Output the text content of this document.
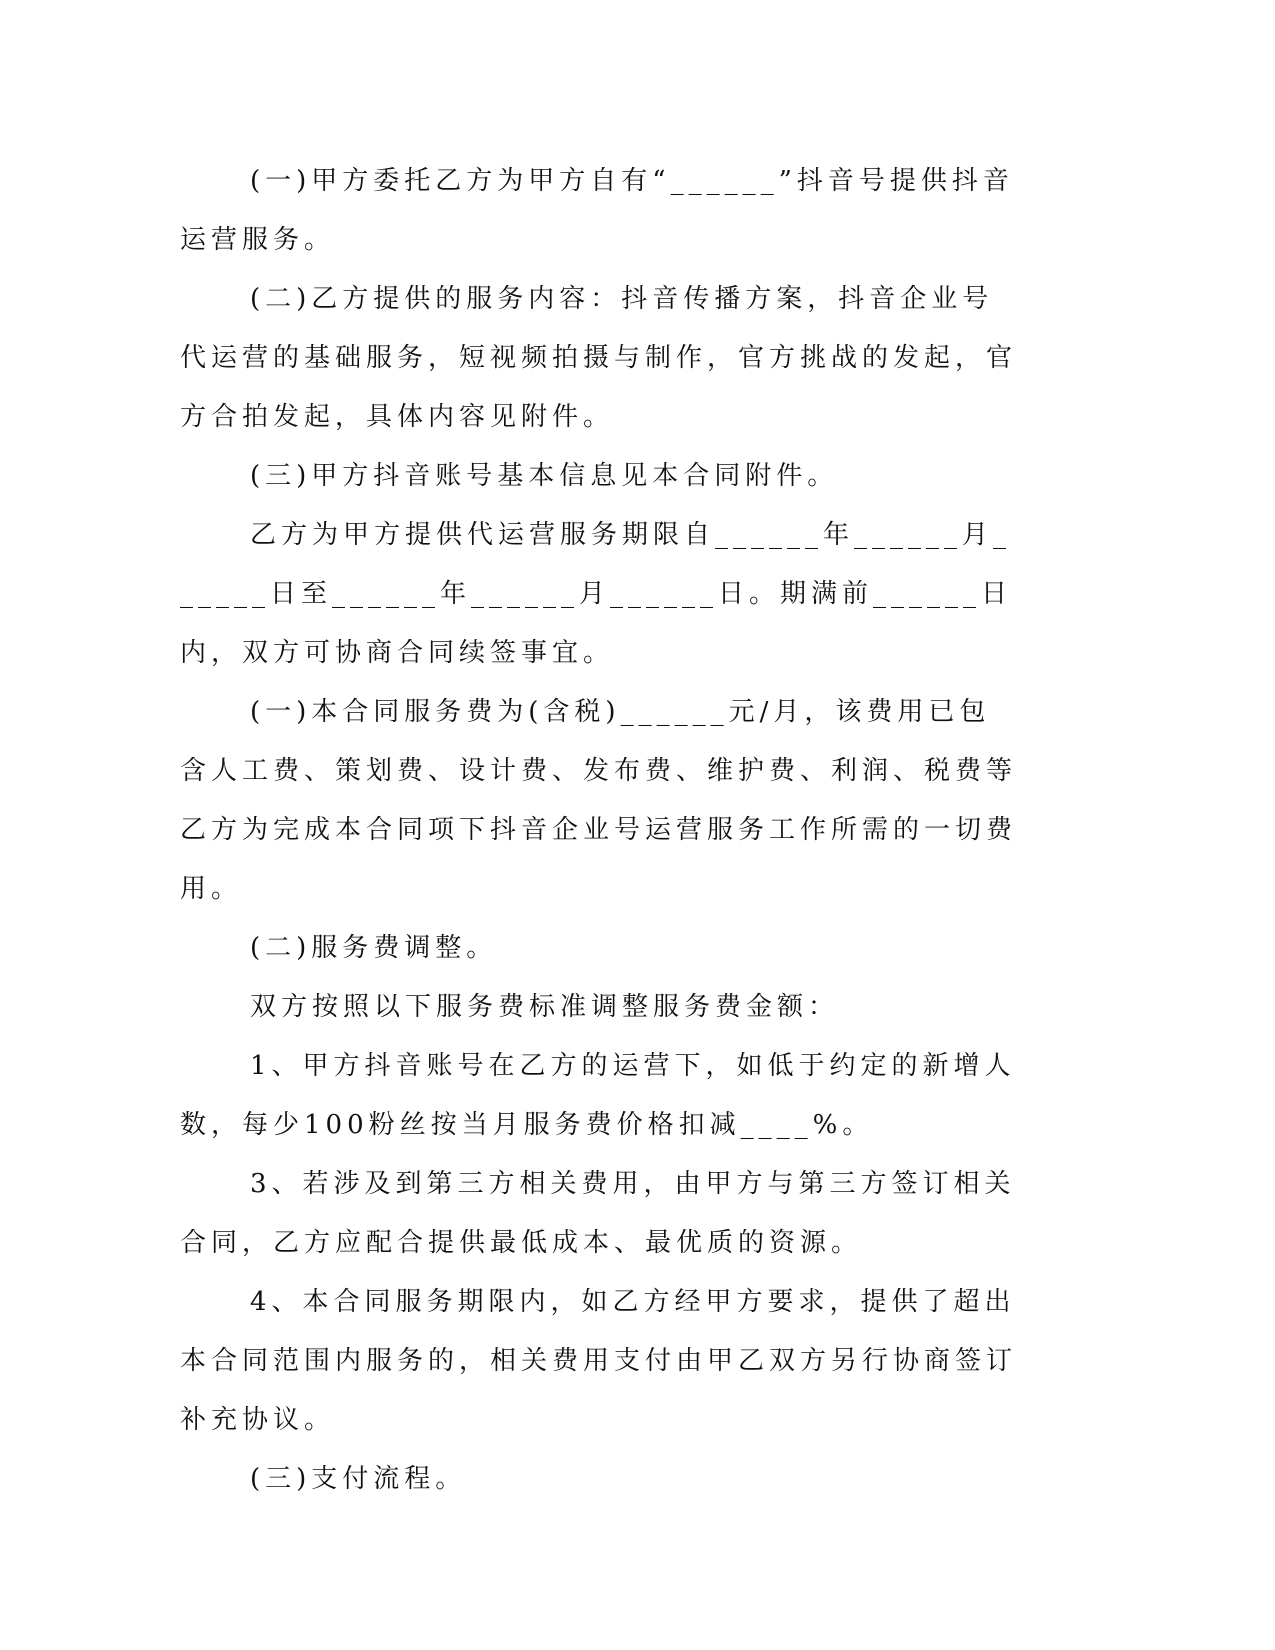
(一)甲方委托乙方为甲方自有“______”抖音号提供抖音运营服务。

(二)乙方提供的服务内容：抖音传播方案，抖音企业号代运营的基础服务，短视频拍摄与制作，官方挑战的发起，官方合拍发起，具体内容见附件。

(三)甲方抖音账号基本信息见本合同附件。

乙方为甲方提供代运营服务期限自______年______月______日至______年______月______日。期满前______日内，双方可协商合同续签事宜。

(一)本合同服务费为(含税)______元/月，该费用已包含人工费、策划费、设计费、发布费、维护费、利润、税费等乙方为完成本合同项下抖音企业号运营服务工作所需的一切费用。

(二)服务费调整。

双方按照以下服务费标准调整服务费金额：

1、甲方抖音账号在乙方的运营下，如低于约定的新增人数，每少100粉丝按当月服务费价格扣减____%。

3、若涉及到第三方相关费用，由甲方与第三方签订相关合同，乙方应配合提供最低成本、最优质的资源。

4、本合同服务期限内，如乙方经甲方要求，提供了超出本合同范围内服务的，相关费用支付由甲乙双方另行协商签订补充协议。

(三)支付流程。
